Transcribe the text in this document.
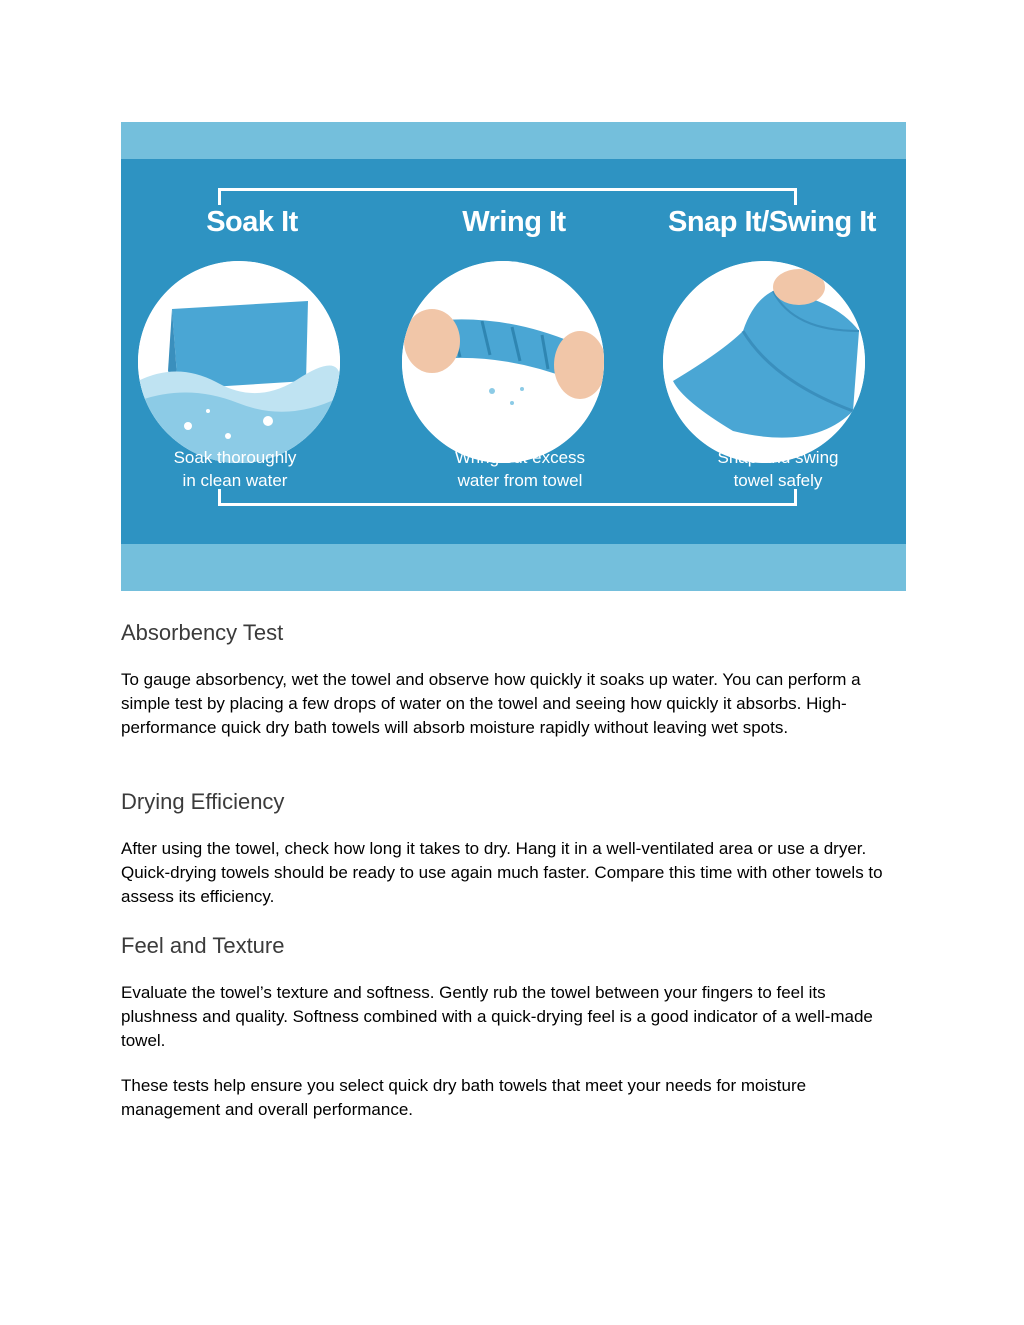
Soak It
Soak thoroughly
in clean water
Wring It
Wring out excess
water from towel
Snap It/Swing It
Snap and swing
towel safely
Absorbency Test

To gauge absorbency, wet the towel and observe how quickly it soaks up water. You can perform a simple test by placing a few drops of water on the towel and seeing how quickly it absorbs. High-performance quick dry bath towels will absorb moisture rapidly without leaving wet spots.

Drying Efficiency

After using the towel, check how long it takes to dry. Hang it in a well-ventilated area or use a dryer. Quick-drying towels should be ready to use again much faster. Compare this time with other towels to assess its efficiency.

Feel and Texture

Evaluate the towel’s texture and softness. Gently rub the towel between your fingers to feel its plushness and quality. Softness combined with a quick-drying feel is a good indicator of a well-made towel.

These tests help ensure you select quick dry bath towels that meet your needs for moisture management and overall performance.
